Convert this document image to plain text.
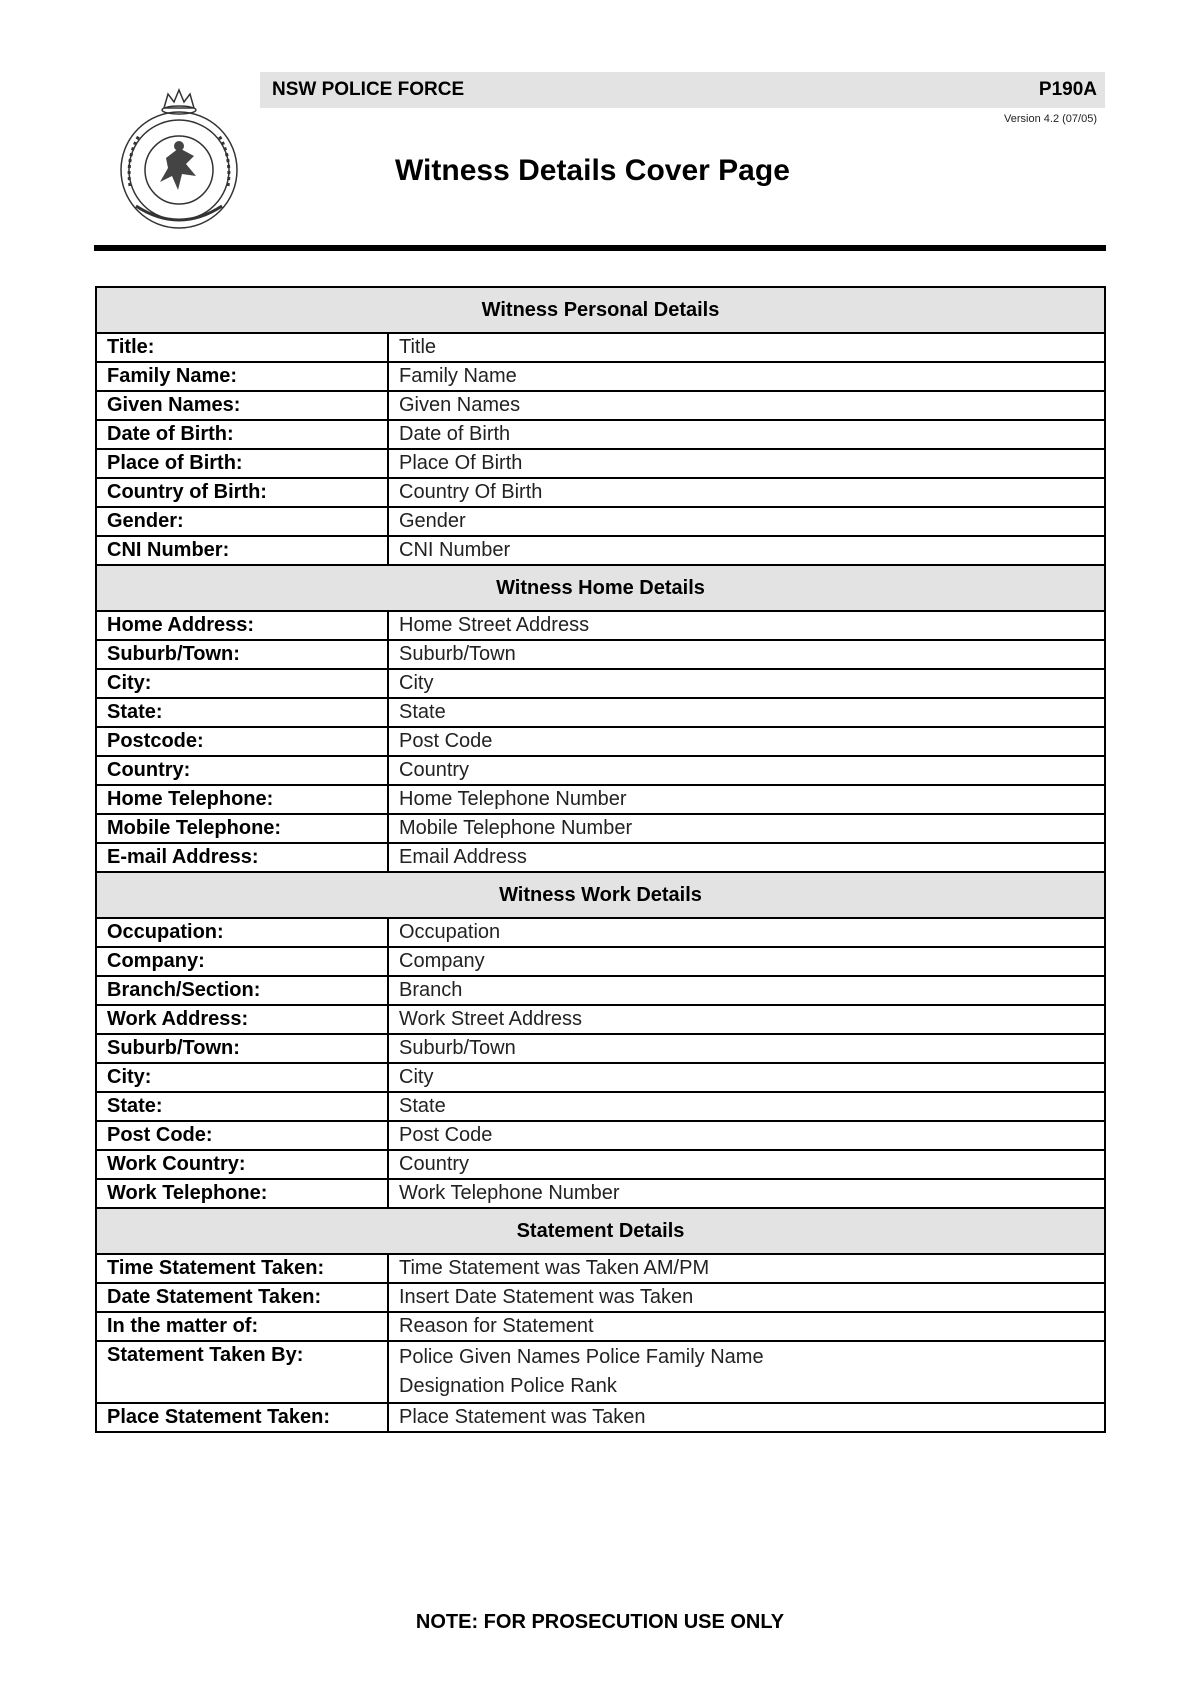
NSW POLICE FORCE	P190A
Version 4.2 (07/05)
Witness Details Cover Page
Witness Personal Details	
Title:	Title
Family Name:	Family Name
Given Names:	Given Names
Date of Birth:	Date of Birth
Place of Birth:	Place Of Birth
Country of Birth:	Country Of Birth
Gender:	Gender
CNI Number:	CNI Number
Witness Home Details	
Home Address:	Home Street Address
Suburb/Town:	Suburb/Town
City:	City
State:	State
Postcode:	Post Code
Country:	Country
Home Telephone:	Home Telephone Number
Mobile Telephone:	Mobile Telephone Number
E-mail Address:	Email Address
Witness Work Details	
Occupation:	Occupation
Company:	Company
Branch/Section:	Branch
Work Address:	Work Street Address
Suburb/Town:	Suburb/Town
City:	City
State:	State
Post Code:	Post Code
Work Country:	Country
Work Telephone:	Work Telephone Number
Statement Details	
Time Statement Taken:	Time Statement was Taken AM/PM
Date Statement Taken:	Insert Date Statement was Taken
In the matter of:	Reason for Statement
Statement Taken By:	Police Given Names Police Family Name
Designation Police Rank

Place Statement Taken:	Place Statement was Taken
NOTE: FOR PROSECUTION USE ONLY
